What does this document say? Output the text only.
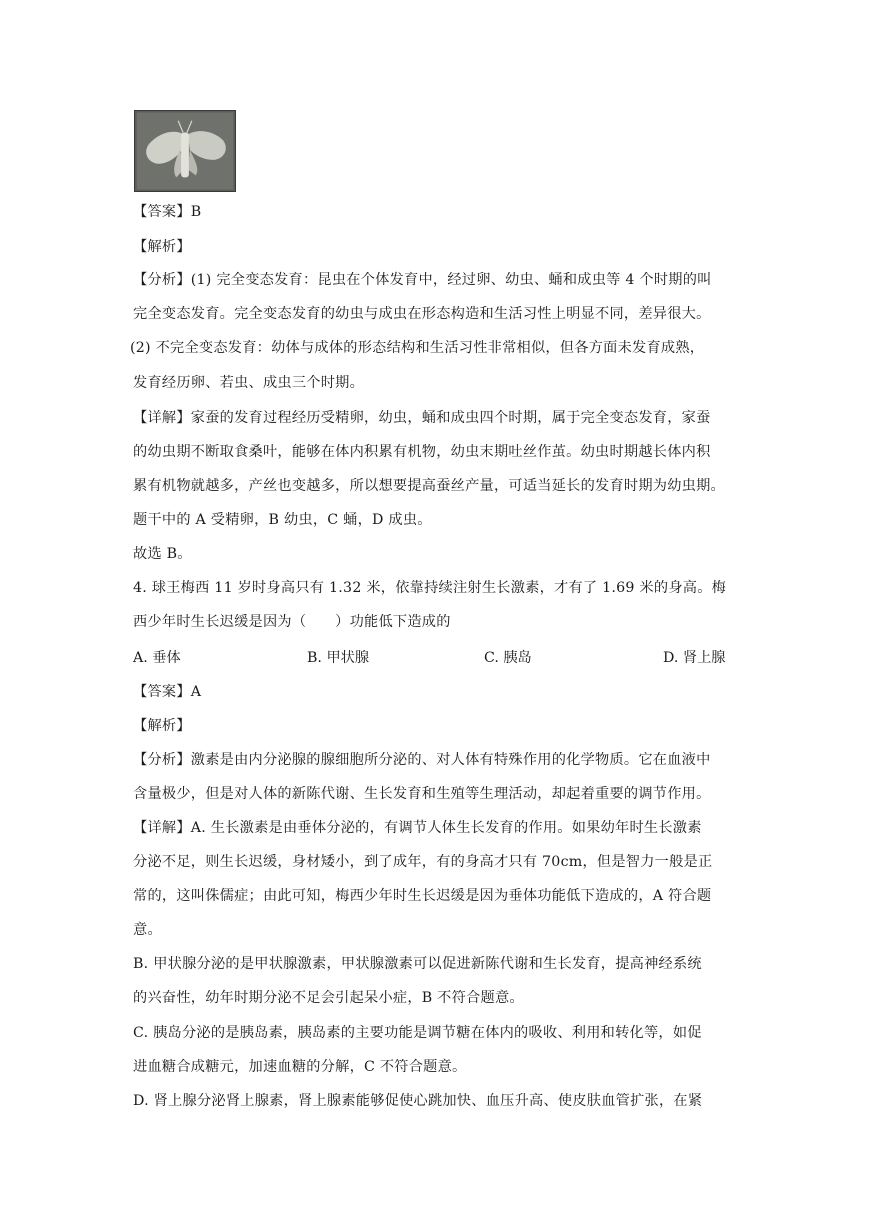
【答案】B
【解析】
【分析】(1) 完全变态发育：昆虫在个体发育中，经过卵、幼虫、蛹和成虫等 4 个时期的叫
完全变态发育。完全变态发育的幼虫与成虫在形态构造和生活习性上明显不同，差异很大。
(2) 不完全变态发育：幼体与成体的形态结构和生活习性非常相似，但各方面未发育成熟，
发育经历卵、若虫、成虫三个时期。
【详解】家蚕的发育过程经历受精卵，幼虫，蛹和成虫四个时期，属于完全变态发育，家蚕
的幼虫期不断取食桑叶，能够在体内积累有机物，幼虫末期吐丝作茧。幼虫时期越长体内积
累有机物就越多，产丝也变越多，所以想要提高蚕丝产量，可适当延长的发育时期为幼虫期。
题干中的 A 受精卵，B 幼虫，C 蛹，D 成虫。
故选 B。
4. 球王梅西 11 岁时身高只有 1.32 米，依靠持续注射生长激素，才有了 1.69 米的身高。梅
西少年时生长迟缓是因为（　　）功能低下造成的
A. 垂体	B. 甲状腺	C. 胰岛	D. 肾上腺
【答案】A
【解析】
【分析】激素是由内分泌腺的腺细胞所分泌的、对人体有特殊作用的化学物质。它在血液中
含量极少，但是对人体的新陈代谢、生长发育和生殖等生理活动，却起着重要的调节作用。
【详解】A. 生长激素是由垂体分泌的，有调节人体生长发育的作用。如果幼年时生长激素
分泌不足，则生长迟缓，身材矮小，到了成年，有的身高才只有 70cm，但是智力一般是正
常的，这叫侏儒症；由此可知，梅西少年时生长迟缓是因为垂体功能低下造成的，A 符合题
意。
B. 甲状腺分泌的是甲状腺激素，甲状腺激素可以促进新陈代谢和生长发育，提高神经系统
的兴奋性，幼年时期分泌不足会引起呆小症，B 不符合题意。
C. 胰岛分泌的是胰岛素，胰岛素的主要功能是调节糖在体内的吸收、利用和转化等，如促
进血糖合成糖元，加速血糖的分解，C 不符合题意。
D. 肾上腺分泌肾上腺素，肾上腺素能够促使心跳加快、血压升高、使皮肤血管扩张，在紧
